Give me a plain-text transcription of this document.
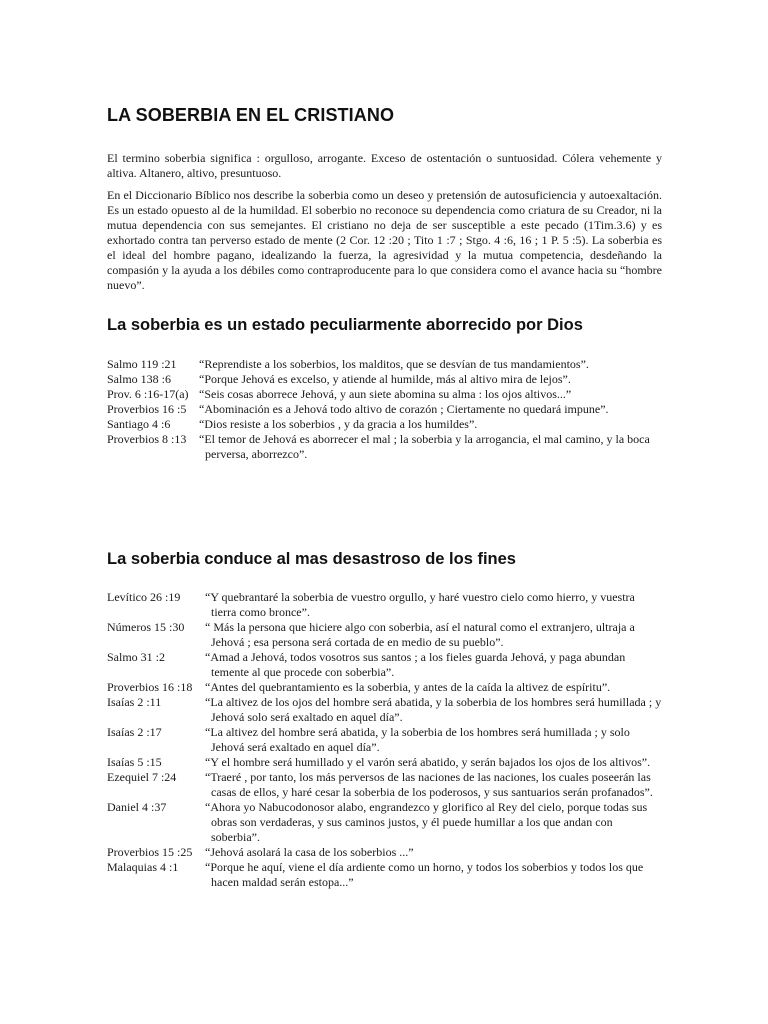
LA SOBERBIA EN EL CRISTIANO

El termino soberbia significa : orgulloso, arrogante. Exceso de ostentación o suntuosidad. Cólera vehemente y altiva. Altanero, altivo, presuntuoso.

En el Diccionario Bíblico nos describe la soberbia como un deseo y pretensión de autosuficiencia y autoexaltación. Es un estado opuesto al de la humildad. El soberbio no reconoce su dependencia como criatura de su Creador, ni la mutua dependencia con sus semejantes. El cristiano no deja de ser susceptible a este pecado (1Tim.3.6) y es exhortado contra tan perverso estado de mente (2 Cor. 12 :20 ; Tito 1 :7 ; Stgo. 4 :6, 16 ; 1 P. 5 :5). La soberbia es el ideal del hombre pagano, idealizando la fuerza, la agresividad y la mutua competencia, desdeñando la compasión y la ayuda a los débiles como contraproducente para lo que considera como el avance hacia su “hombre nuevo”.

La soberbia es un estado peculiarmente aborrecido por Dios
Salmo 119 :21	“Reprendiste a los soberbios, los malditos, que se desvían de tus mandamientos”.
Salmo 138 :6	“Porque Jehová es excelso, y atiende al humilde, más al altivo mira de lejos”.
Prov. 6 :16-17(a) “Seis cosas aborrece Jehová, y aun siete abomina su alma : los ojos altivos...”
Proverbios 16 :5	“Abominación es a Jehová todo altivo de corazón ; Ciertamente no quedará impune”.
Santiago 4 :6	“Dios resiste a los soberbios , y da gracia a los humildes”.
Proverbios 8 :13	“El temor de Jehová es aborrecer el mal ; la soberbia y la arrogancia, el mal camino, y la boca perversa, aborrezco”.
La soberbia conduce al mas desastroso de los fines
Levítico 26 :19	“Y quebrantaré la soberbia de vuestro orgullo, y haré vuestro cielo como hierro, y vuestra tierra como bronce”.
Números 15 :30	“ Más la persona que hiciere algo con soberbia, así el natural como el extranjero, ultraja a Jehová ; esa persona será cortada de en medio de su pueblo”.
Salmo 31 :2	“Amad a Jehová, todos vosotros sus santos ; a los fieles guarda Jehová, y paga abundan temente al que procede con soberbia”.
Proverbios 16 :18	“Antes del quebrantamiento es la soberbia, y antes de la caída la altivez de espíritu”.
Isaías 2 :11	“La altivez de los ojos del hombre será abatida, y la soberbia de los hombres será humillada ; y Jehová solo será exaltado en aquel día”.
Isaías 2 :17	“La altivez del hombre será abatida, y la soberbia de los hombres será humillada ; y solo Jehová será exaltado en aquel día”.
Isaías 5 :15	“Y el hombre será humillado y el varón será abatido, y serán bajados los ojos de los altivos”.
Ezequiel 7 :24	“Traeré , por tanto, los más perversos de las naciones de las naciones, los cuales poseerán las casas de ellos, y haré cesar la soberbia de los poderosos, y sus santuarios serán profanados”.
Daniel 4 :37	“Ahora yo Nabucodonosor alabo, engrandezco y glorifico al Rey del cielo, porque todas sus obras son verdaderas, y sus caminos justos, y él puede humillar a los que andan con soberbia”.
Proverbios 15 :25	“Jehová asolará la casa de los soberbios ...”
Malaquias 4 :1	“Porque he aquí, viene el día ardiente como un horno, y todos los soberbios y todos los que hacen maldad serán estopa...”
